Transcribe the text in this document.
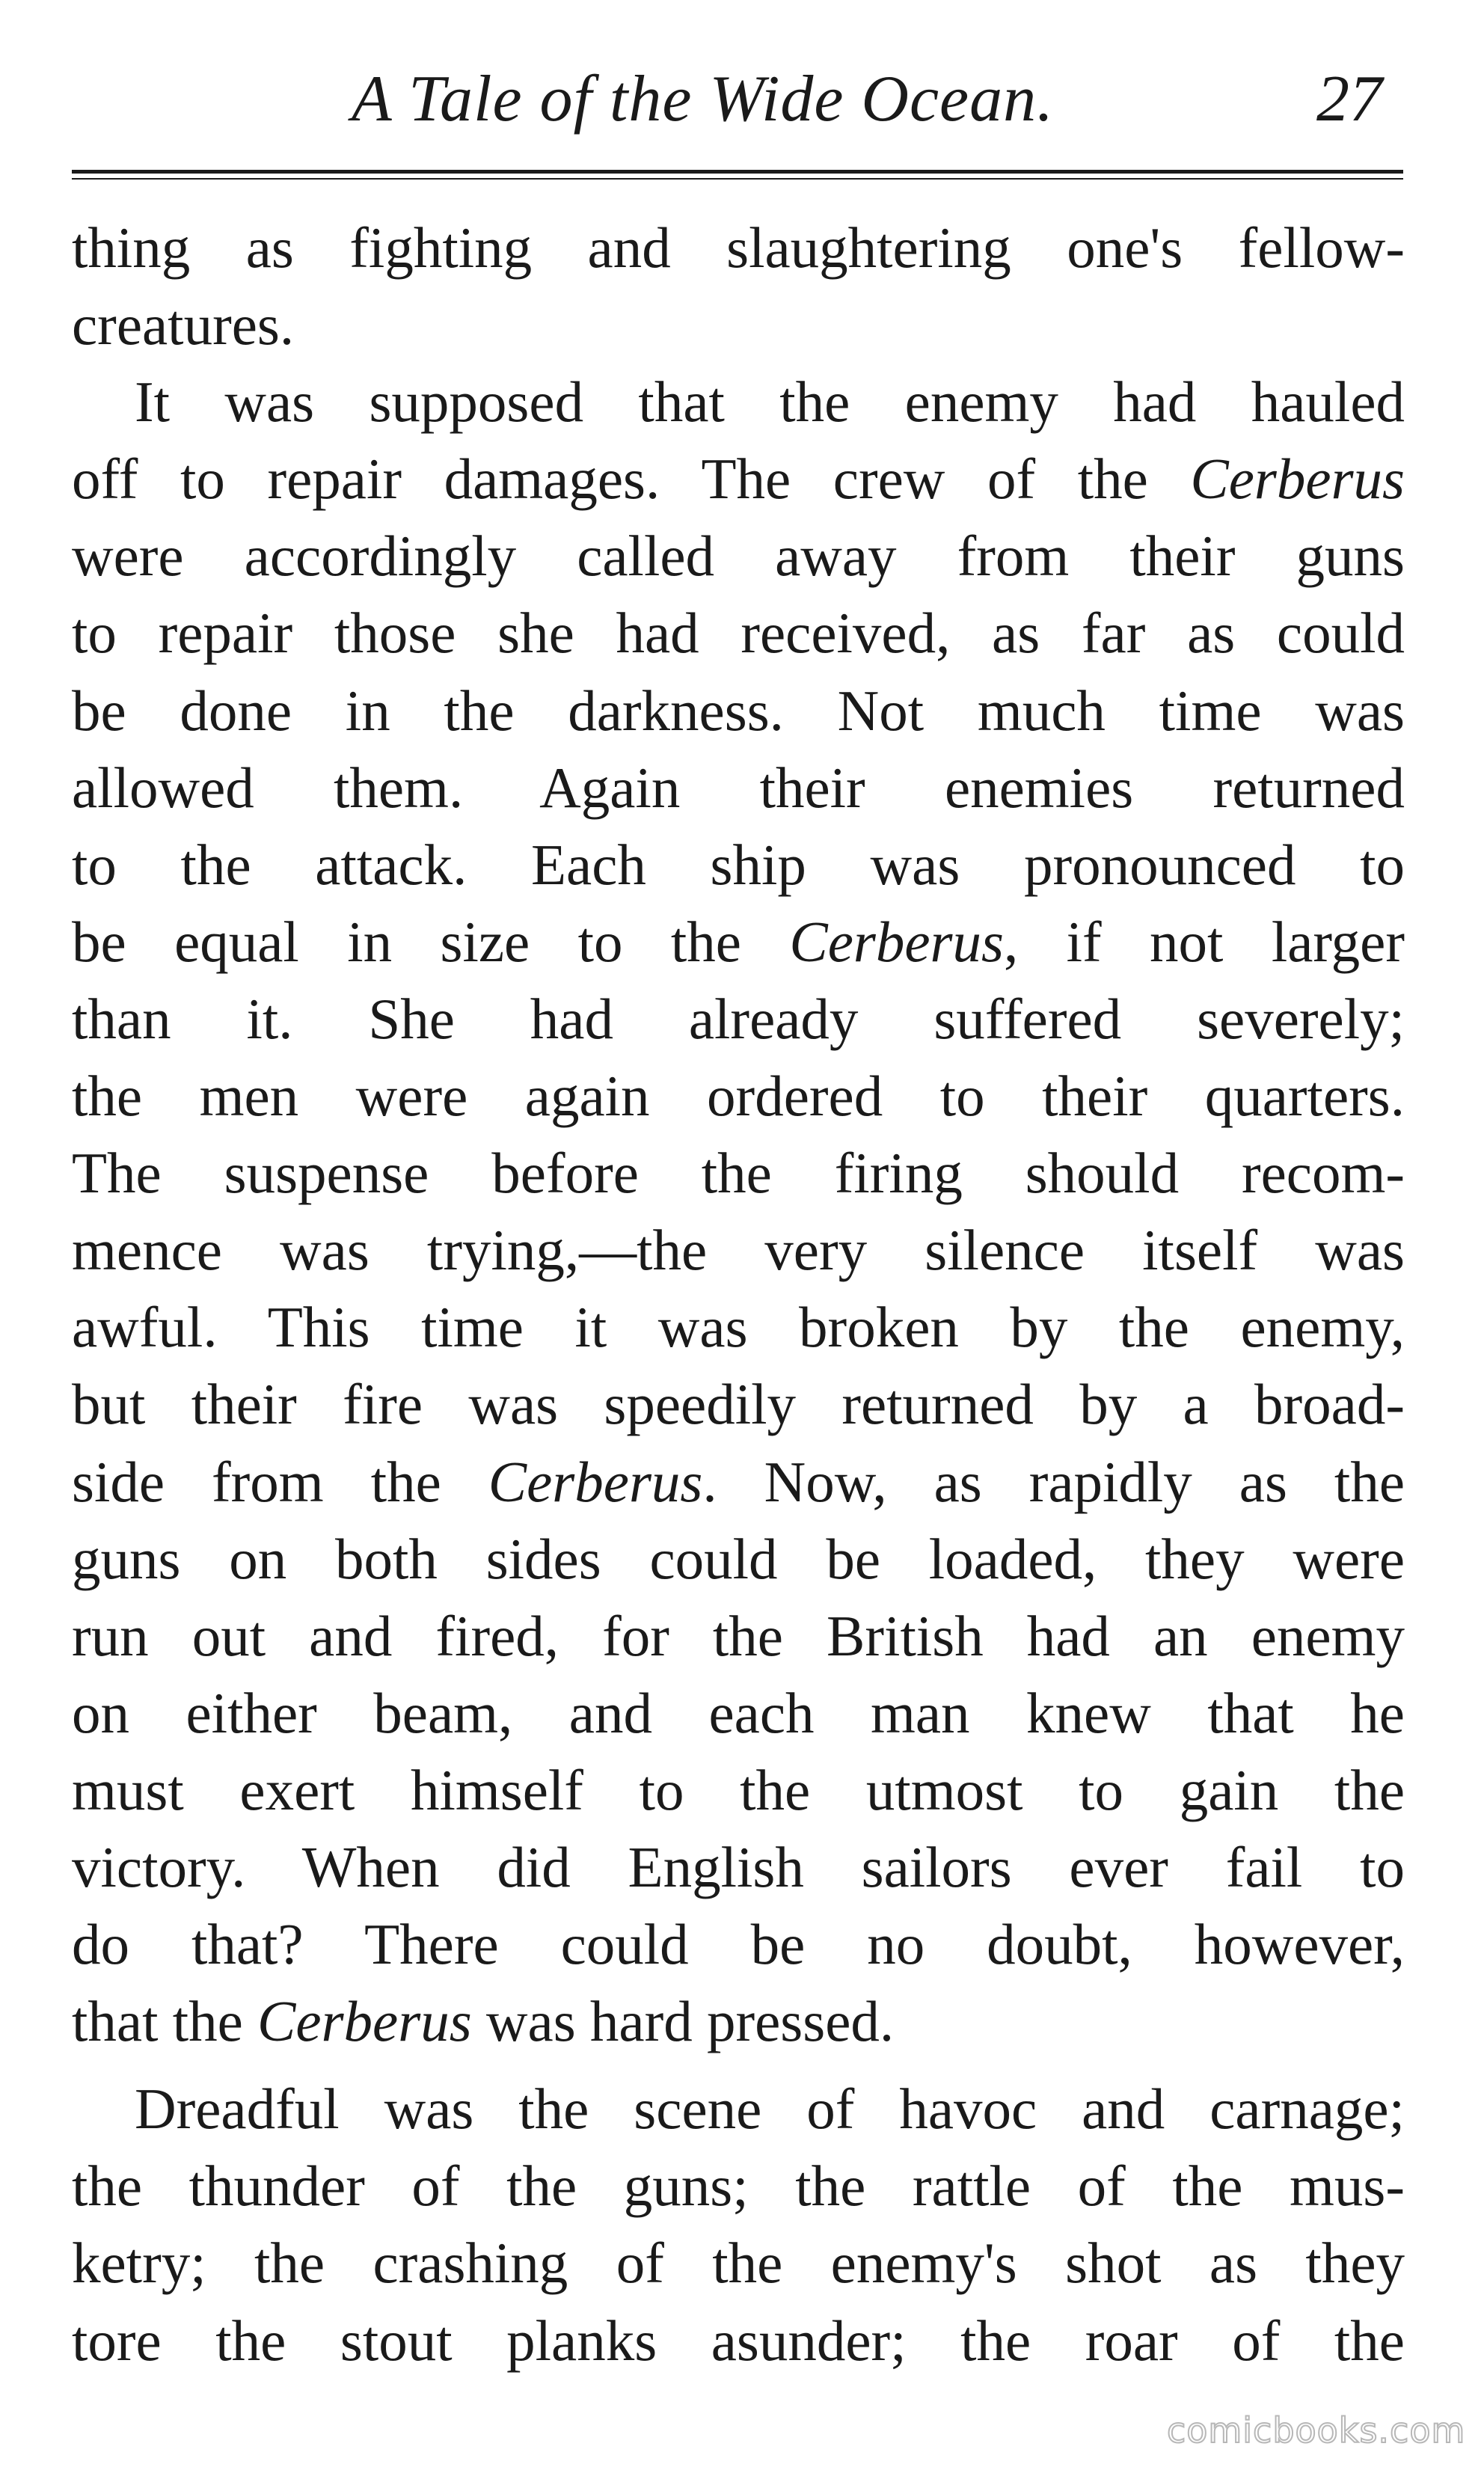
A Tale of the Wide Ocean.	27
thing as fighting and slaughtering one's fellow-
creatures.
It was supposed that the enemy had hauled
off to repair damages. The crew of the Cerberus
were accordingly called away from their guns
to repair those she had received, as far as could
be done in the darkness. Not much time was
allowed them. Again their enemies returned
to the attack. Each ship was pronounced to
be equal in size to the Cerberus, if not larger
than it. She had already suffered severely;
the men were again ordered to their quarters.
The suspense before the firing should recom-
mence was trying,—the very silence itself was
awful. This time it was broken by the enemy,
but their fire was speedily returned by a broad-
side from the Cerberus. Now, as rapidly as the
guns on both sides could be loaded, they were
run out and fired, for the British had an enemy
on either beam, and each man knew that he
must exert himself to the utmost to gain the
victory. When did English sailors ever fail to
do that? There could be no doubt, however,
that the Cerberus was hard pressed.
Dreadful was the scene of havoc and carnage;
the thunder of the guns; the rattle of the mus-
ketry; the crashing of the enemy's shot as they
tore the stout planks asunder; the roar of the
comicbooks.com
